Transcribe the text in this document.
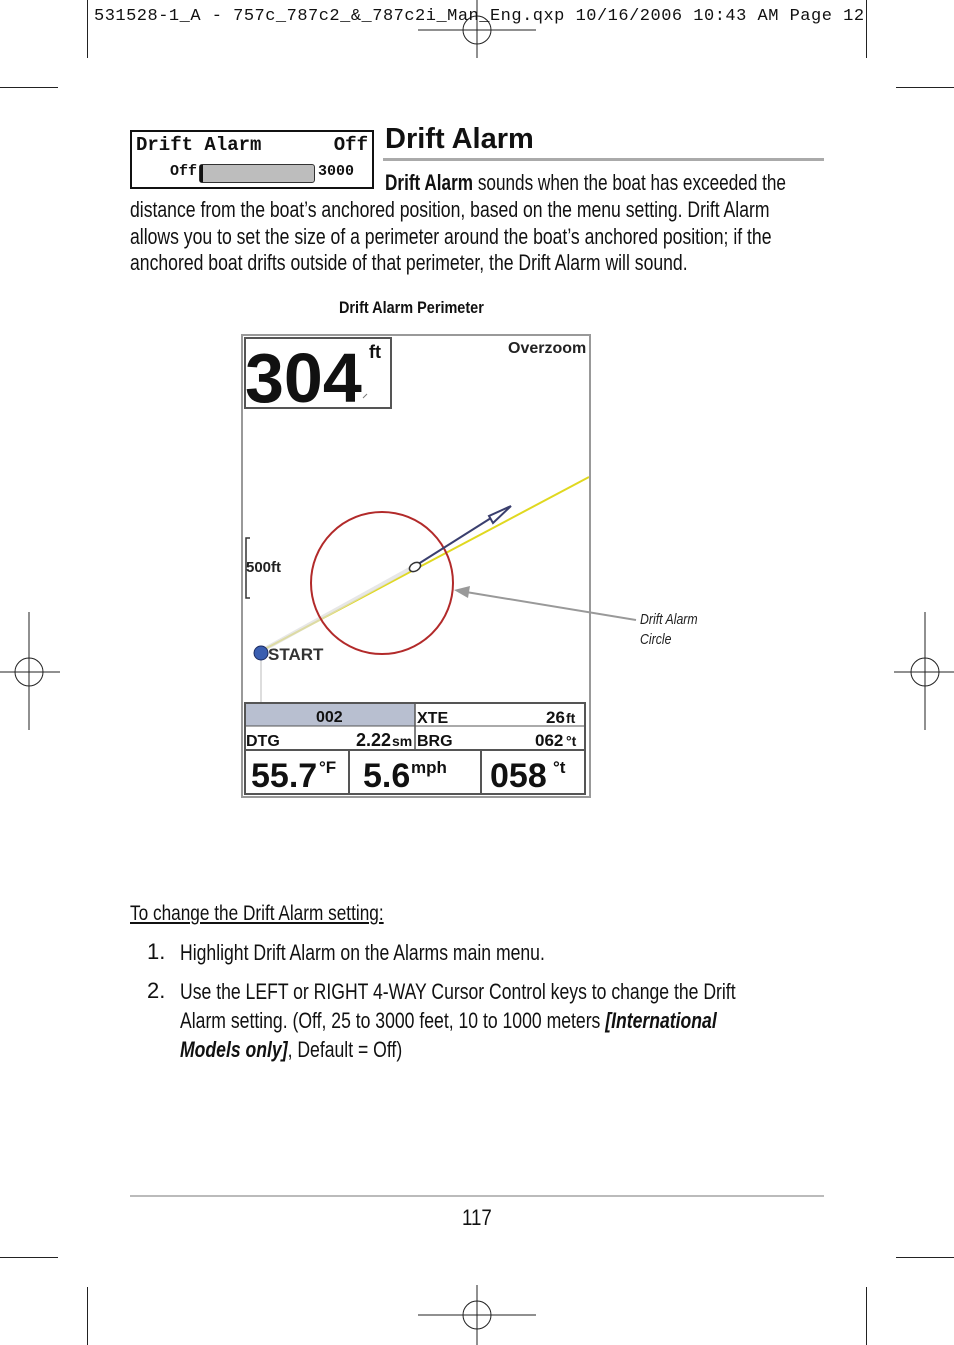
531528-1_A - 757c_787c2_&_787c2i_Man_Eng.qxp 10/16/2006 10:43 AM Page 12
Drift Alarm	Off
Off	3000
Drift Alarm
Drift Alarm sounds when the boat has exceeded the
distance from the boat’s anchored position, based on the menu setting. Drift Alarm
allows you to set the size of a perimeter around the boat’s anchored position; if the
anchored boat drifts outside of that perimeter, the Drift Alarm will sound.
Drift Alarm Perimeter
304 ft	Overzoom
500ft
START
002	XTE	26 ft
DTG	2.22 sm BRG	062 °t
55.7 °F 5.6 mph 058 °t
Drift Alarm
Circle
To change the Drift Alarm setting:
1. Highlight Drift Alarm on the Alarms main menu.
2. Use the LEFT or RIGHT 4-WAY Cursor Control keys to change the Drift
Alarm setting. (Off, 25 to 3000 feet, 10 to 1000 meters [International
Models only], Default = Off)
117
